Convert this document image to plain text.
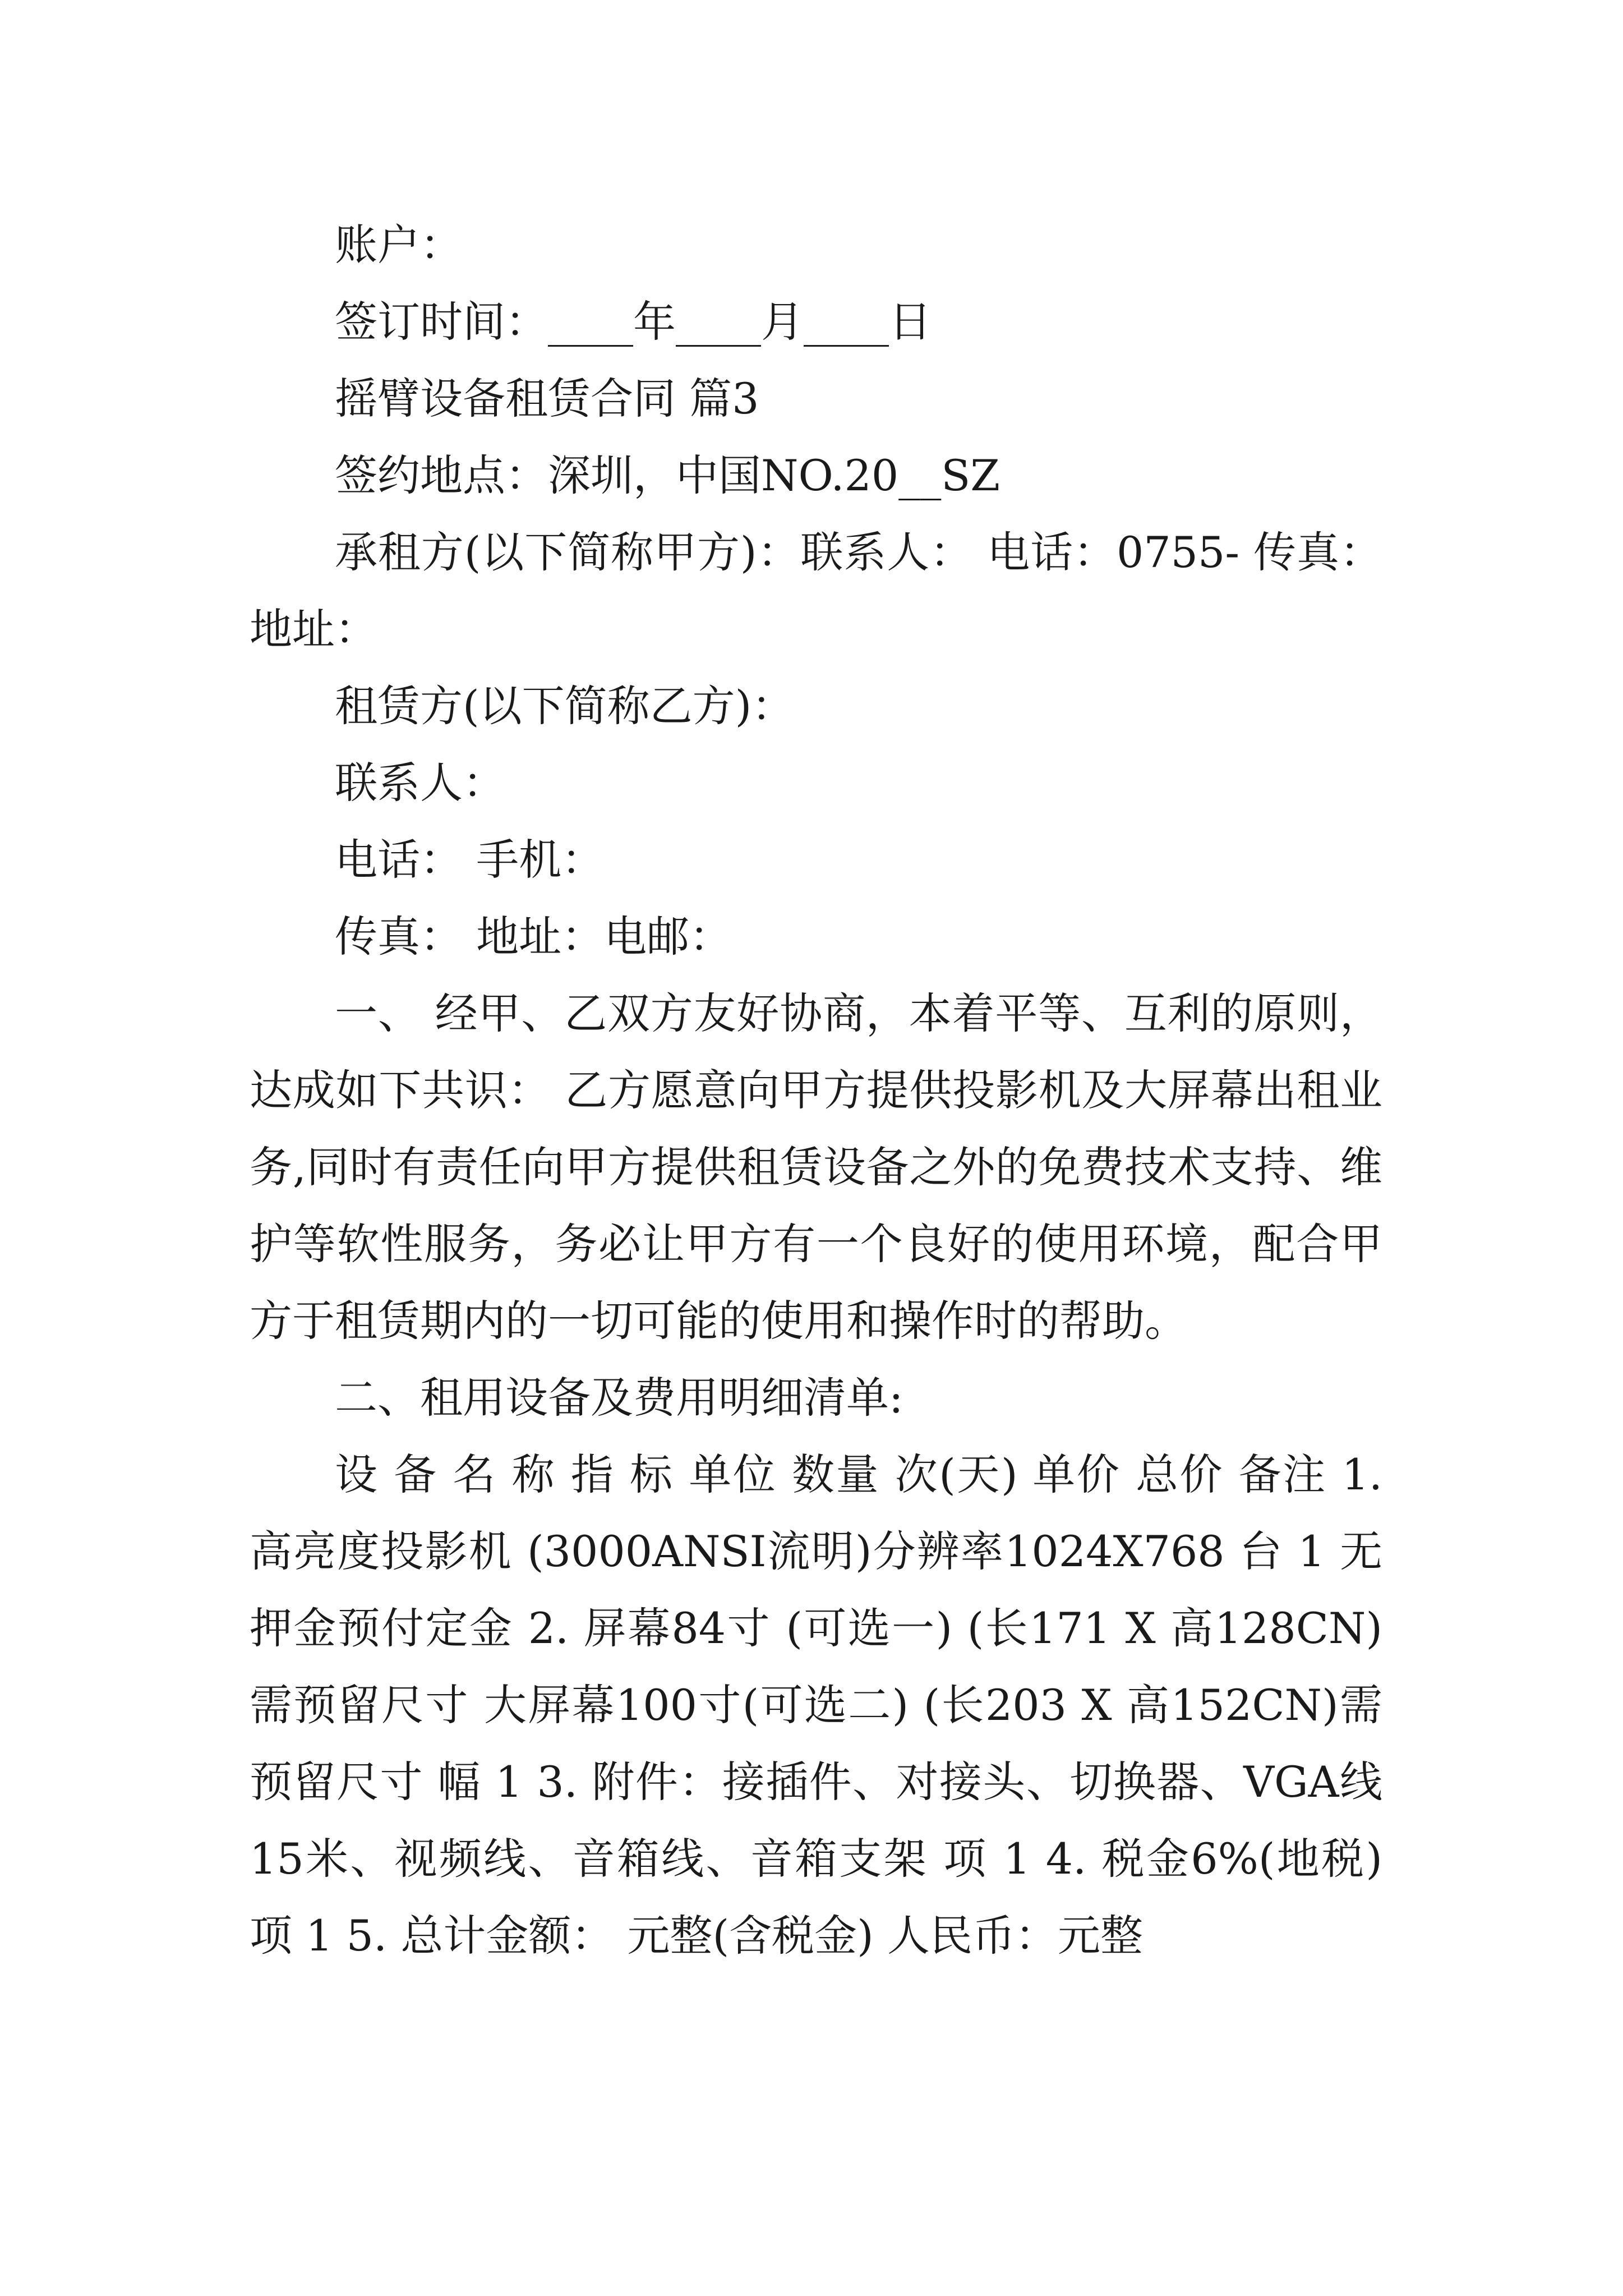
账户：

签订时间：____年____月____日

摇臂设备租赁合同 篇3

签约地点：深圳，中国NO.20__SZ

承租方(以下简称甲方)：联系人： 电话：0755- 传真：地址：

租赁方(以下简称乙方)：

联系人：

电话： 手机：

传真： 地址：电邮：

一、 经甲、乙双方友好协商，本着平等、互利的原则，达成如下共识： 乙方愿意向甲方提供投影机及大屏幕出租业务,同时有责任向甲方提供租赁设备之外的免费技术支持、维护等软性服务，务必让甲方有一个良好的使用环境，配合甲方于租赁期内的一切可能的使用和操作时的帮助。

二、租用设备及费用明细清单:

设 备 名 称 指 标 单位 数量 次(天) 单价 总价 备注 1. 高亮度投影机 (3000ANSI流明)分辨率1024X768 台 1 无 押金预付定金 2. 屏幕84寸 (可选一) (长171 X 高128CN)需预留尺寸 大屏幕100寸(可选二) (长203 X 高152CN)需预留尺寸 幅 1 3. 附件：接插件、对接头、切换器、VGA线15米、视频线、音箱线、音箱支架 项 1 4. 税金6%(地税) 项 1 5. 总计金额： 元整(含税金) 人民币：元整
